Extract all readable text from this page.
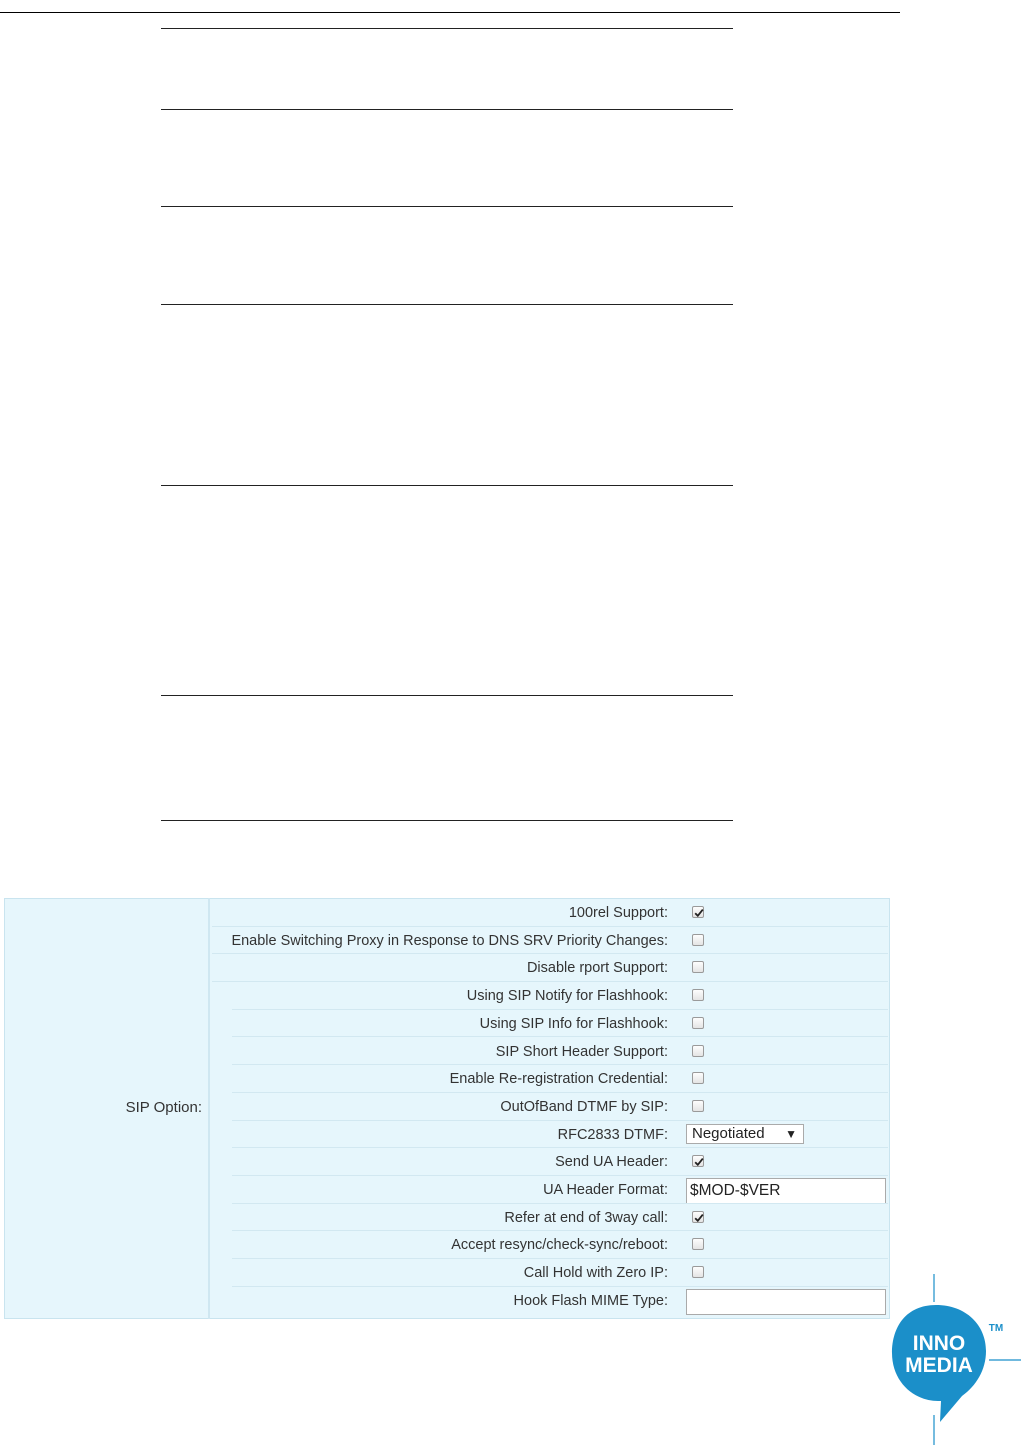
SIP Option:
100rel Support:
Enable Switching Proxy in Response to DNS SRV Priority Changes:
Disable rport Support:
Using SIP Notify for Flashhook:
Using SIP Info for Flashhook:
SIP Short Header Support:
Enable Re-registration Credential:
OutOfBand DTMF by SIP:
RFC2833 DTMF:	Negotiated ▼
Send UA Header:
UA Header Format: $MOD-$VER
Refer at end of 3way call:
Accept resync/check-sync/reboot:
Call Hold with Zero IP:
Hook Flash MIME Type:
INNO
MEDIA
TM
